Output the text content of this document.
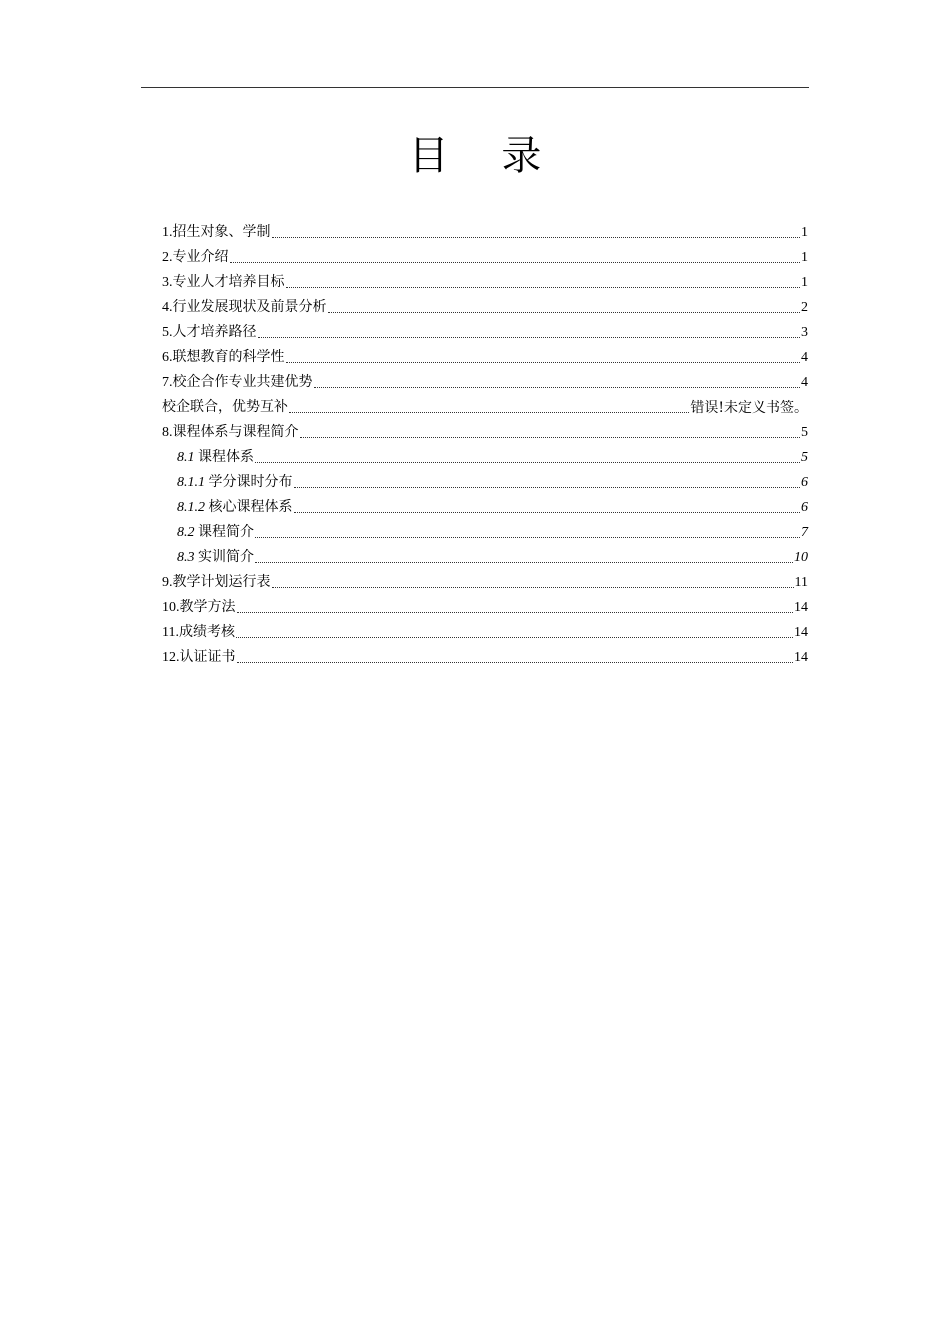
目 录
1.招生对象、学制	1
2.专业介绍	1
3.专业人才培养目标	1
4.行业发展现状及前景分析	2
5.人才培养路径	3
6.联想教育的科学性	4
7.校企合作专业共建优势	4
校企联合，优势互补	错误!未定义书签。
8.课程体系与课程简介	5
8.1 课程体系	5
8.1.1 学分课时分布	6
8.1.2 核心课程体系	6
8.2 课程简介	7
8.3 实训简介	10
9.教学计划运行表	11
10.教学方法	14
11.成绩考核	14
12.认证证书	14
